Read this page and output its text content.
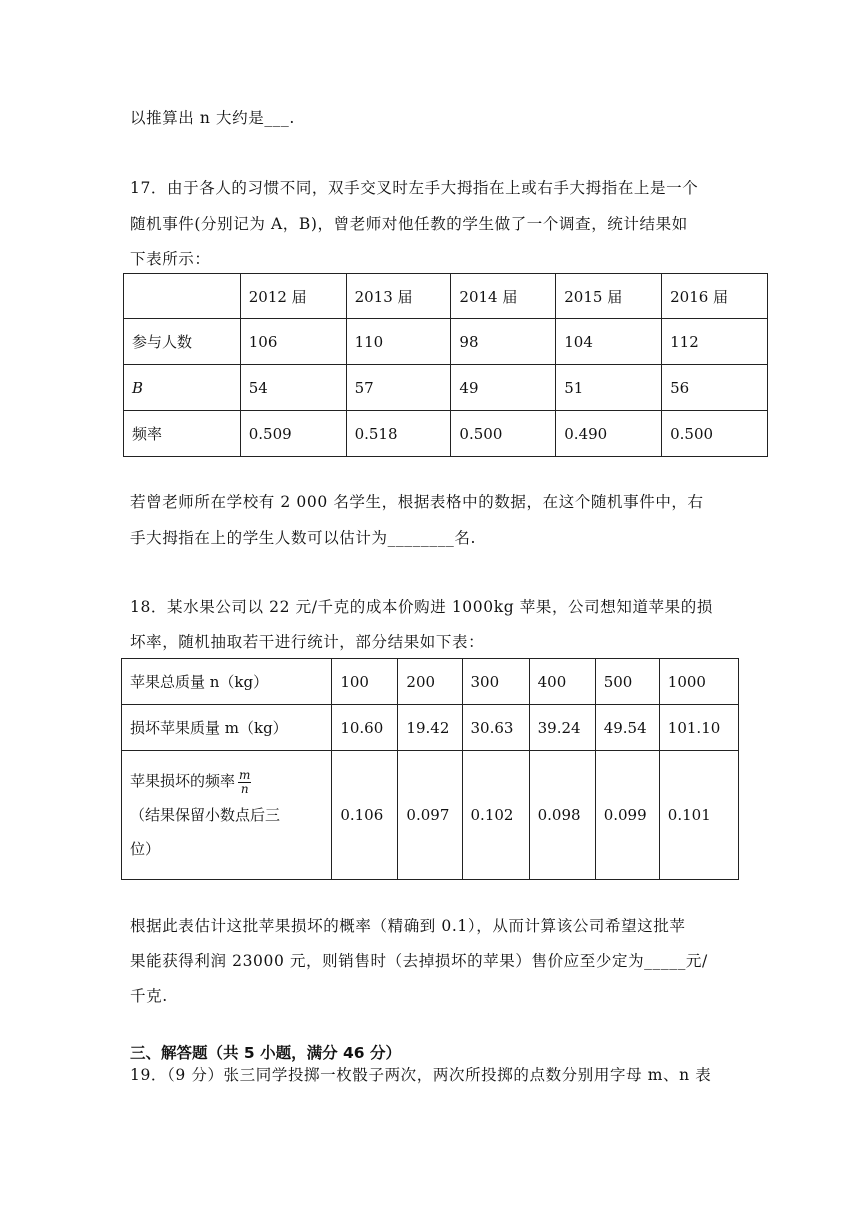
以推算出 n 大约是___.
17．由于各人的习惯不同，双手交叉时左手大拇指在上或右手大拇指在上是一个
随机事件(分别记为 A，B)，曾老师对他任教的学生做了一个调查，统计结果如
下表所示：
	2012 届	2013 届	2014 届	2015 届	2016 届
参与人数	106	110	98	104	112
B	54	57	49	51	56
频率	0.509	0.518	0.500	0.490	0.500
若曾老师所在学校有 2 000 名学生，根据表格中的数据，在这个随机事件中，右
手大拇指在上的学生人数可以估计为________名.
18．某水果公司以 22 元/千克的成本价购进 1000kg 苹果，公司想知道苹果的损
坏率，随机抽取若干进行统计，部分结果如下表：
苹果总质量 n（kg）	100	200	300	400	500	1000
损坏苹果质量 m（kg）	10.60	19.42	30.63	39.24	49.54	101.10

苹果损坏的频率 $\frac{m}{n}$
（结果保留小数点后三
位）	0.106	0.097	0.102	0.098	0.099	0.101
根据此表估计这批苹果损坏的概率（精确到 0.1），从而计算该公司希望这批苹
果能获得利润 23000 元，则销售时（去掉损坏的苹果）售价应至少定为_____元/
千克.
三、解答题（共 5 小题，满分 46 分）
19．（9 分）张三同学投掷一枚骰子两次，两次所投掷的点数分别用字母 m、n 表
